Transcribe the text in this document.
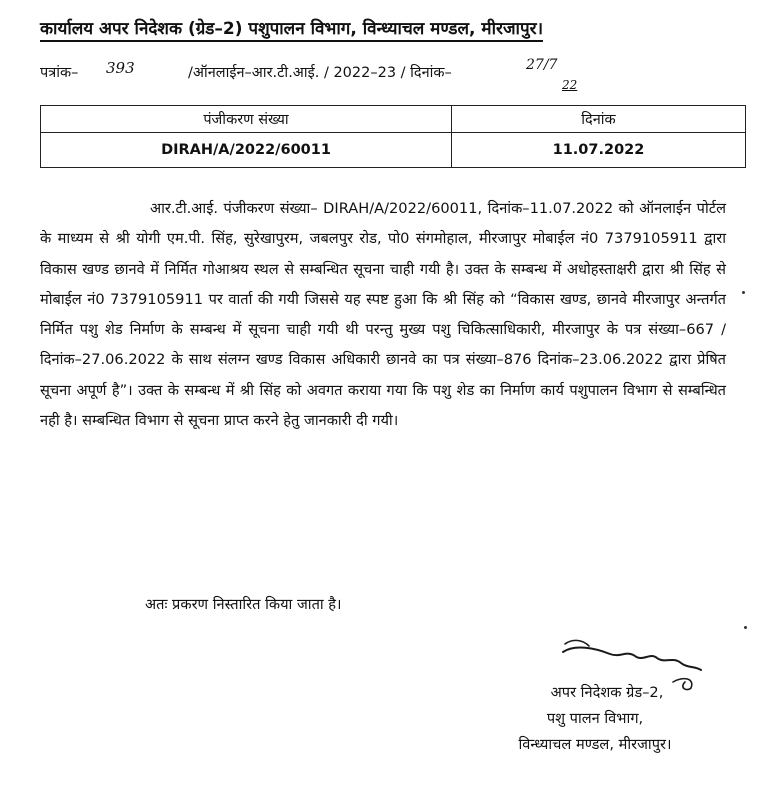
कार्यालय अपर निदेशक (ग्रेड–2) पशुपालन विभाग, विन्ध्याचल मण्डल, मीरजापुर।
पत्रांक– 393	/ऑनलाईन–आर.टी.आई. / 2022–23 / दिनांक–	27/7
22
पंजीकरण संख्या	दिनांक
DIRAH/A/2022/60011	11.07.2022

आर.टी.आई. पंजीकरण संख्या– DIRAH/A/2022/60011, दिनांक–11.07.2022 को ऑनलाईन पोर्टल के माध्यम से श्री योगी एम.पी. सिंह, सुरेखापुरम, जबलपुर रोड, पो0 संगमोहाल, मीरजापुर मोबाईल नं0 7379105911 द्वारा विकास खण्ड छानवे में निर्मित गोआश्रय स्थल से सम्बन्धित सूचना चाही गयी है। उक्त के सम्बन्ध में अधोहस्ताक्षरी द्वारा श्री सिंह से मोबाईल नं0 7379105911 पर वार्ता की गयी जिससे यह स्पष्ट हुआ कि श्री सिंह को “विकास खण्ड, छानवे मीरजापुर अन्तर्गत निर्मित पशु शेड निर्माण के सम्बन्ध में सूचना चाही गयी थी परन्तु मुख्य पशु चिकित्साधिकारी, मीरजापुर के पत्र संख्या–667 / दिनांक–27.06.2022 के साथ संलग्न खण्ड विकास अधिकारी छानवे का पत्र संख्या–876 दिनांक–23.06.2022 द्वारा प्रेषित सूचना अपूर्ण है”। उक्त के सम्बन्ध में श्री सिंह को अवगत कराया गया कि पशु शेड का निर्माण कार्य पशुपालन विभाग से सम्बन्धित नही है। सम्बन्धित विभाग से सूचना प्राप्त करने हेतु जानकारी दी गयी।

अतः प्रकरण निस्तारित किया जाता है।
अपर निदेशक ग्रेड–2,
पशु पालन विभाग,
विन्ध्याचल मण्डल, मीरजापुर।
